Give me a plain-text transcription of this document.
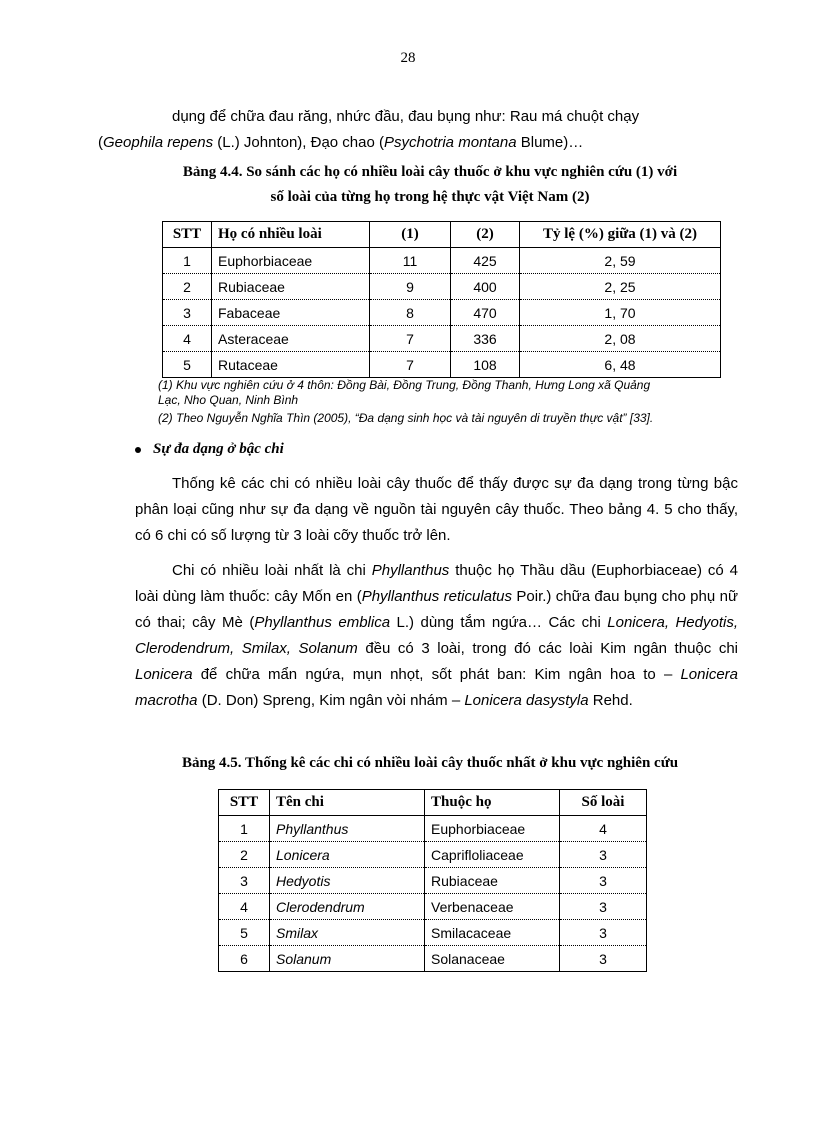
28
dụng để chữa đau răng, nhức đầu, đau bụng như: Rau má chuột chạy
(Geophila repens (L.) Johnton), Đạo chao (Psychotria montana Blume)…
Bảng 4.4. So sánh các họ có nhiều loài cây thuốc ở khu vực nghiên cứu (1) với
số loài của từng họ trong hệ thực vật Việt Nam (2)
STT	Họ có nhiều loài	(1)	(2)	Tỷ lệ (%) giữa (1) và (2)
1	Euphorbiaceae	11	425	2, 59
2	Rubiaceae	9	400	2, 25
3	Fabaceae	8	470	1, 70
4	Asteraceae	7	336	2, 08
5	Rutaceae	7	108	6, 48
(1) Khu vực nghiên cứu ở 4 thôn: Đồng Bài, Đồng Trung, Đồng Thanh, Hưng Long xã Quảng
Lạc, Nho Quan, Ninh Bình
(2) Theo Nguyễn Nghĩa Thìn (2005), “Đa dạng sinh học và tài nguyên di truyền thực vật” [33].
Sự đa dạng ở bậc chi
Thống kê các chi có nhiều loài cây thuốc để thấy được sự đa dạng trong từng bậc phân loại cũng như sự đa dạng về nguồn tài nguyên cây thuốc. Theo bảng 4. 5 cho thấy, có 6 chi có số lượng từ 3 loài cỡy thuốc trở lên.
Chi có nhiều loài nhất là chi Phyllanthus thuộc họ Thầu dầu (Euphorbiaceae) có 4 loài dùng làm thuốc: cây Mốn en (Phyllanthus reticulatus Poir.) chữa đau bụng cho phụ nữ có thai; cây Mè (Phyllanthus emblica L.) dùng tắm ngứa… Các chi Lonicera, Hedyotis, Clerodendrum, Smilax, Solanum đều có 3 loài, trong đó các loài Kim ngân thuộc chi Lonicera để chữa mẩn ngứa, mụn nhọt, sốt phát ban: Kim ngân hoa to – Lonicera macrotha (D. Don) Spreng, Kim ngân vòi nhám – Lonicera dasystyla Rehd.
Bảng 4.5. Thống kê các chi có nhiều loài cây thuốc nhất ở khu vực nghiên cứu
STT	Tên chi	Thuộc họ	Số loài
1	Phyllanthus	Euphorbiaceae	4
2	Lonicera	Caprifloliaceae	3
3	Hedyotis	Rubiaceae	3
4	Clerodendrum	Verbenaceae	3
5	Smilax	Smilacaceae	3
6	Solanum	Solanaceae	3
